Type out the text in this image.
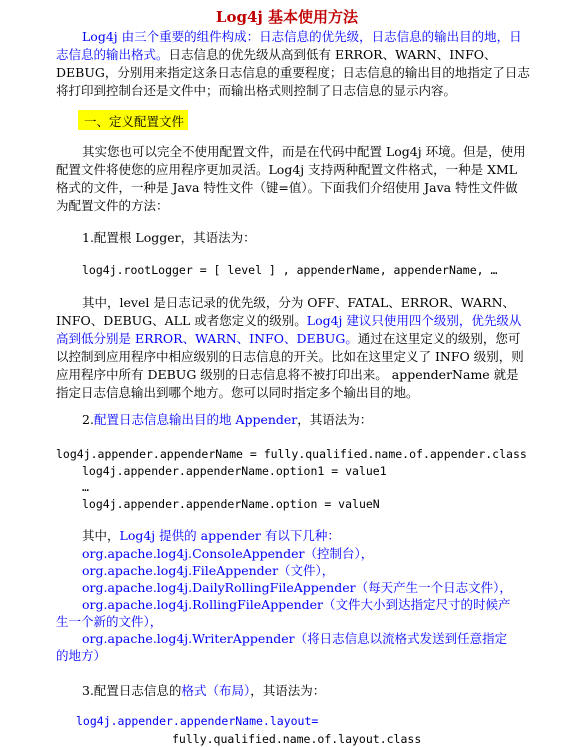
Log4j 基本使用方法
Log4j 由三个重要的组件构成：日志信息的优先级，日志信息的输出目的地，日志信息的输出格式。日志信息的优先级从高到低有 ERROR、WARN、INFO、DEBUG，分别用来指定这条日志信息的重要程度；日志信息的输出目的地指定了日志将打印到控制台还是文件中；而输出格式则控制了日志信息的显示内容。
一、定义配置文件
其实您也可以完全不使用配置文件，而是在代码中配置 Log4j 环境。但是，使用配置文件将使您的应用程序更加灵活。Log4j 支持两种配置文件格式，一种是 XML 格式的文件，一种是 Java 特性文件（键=值）。下面我们介绍使用 Java 特性文件做为配置文件的方法：
1.配置根 Logger，其语法为：
log4j.rootLogger = [ level ] , appenderName, appenderName, …
其中，level 是日志记录的优先级，分为 OFF、FATAL、ERROR、WARN、INFO、DEBUG、ALL 或者您定义的级别。Log4j 建议只使用四个级别，优先级从高到低分别是 ERROR、WARN、INFO、DEBUG。通过在这里定义的级别，您可以控制到应用程序中相应级别的日志信息的开关。比如在这里定义了 INFO 级别，则应用程序中所有 DEBUG 级别的日志信息将不被打印出来。 appenderName 就是指定日志信息输出到哪个地方。您可以同时指定多个输出目的地。
2.配置日志信息输出目的地 Appender，其语法为：
log4j.appender.appenderName = fully.qualified.name.of.appender.class
log4j.appender.appenderName.option1 = value1
…
log4j.appender.appenderName.option = valueN
其中，Log4j 提供的 appender 有以下几种：
org.apache.log4j.ConsoleAppender（控制台），
org.apache.log4j.FileAppender（文件），
org.apache.log4j.DailyRollingFileAppender（每天产生一个日志文件），
org.apache.log4j.RollingFileAppender（文件大小到达指定尺寸的时候产
生一个新的文件），
org.apache.log4j.WriterAppender（将日志信息以流格式发送到任意指定
的地方）
3.配置日志信息的格式（布局），其语法为：
log4j.appender.appenderName.layout=
fully.qualified.name.of.layout.class
